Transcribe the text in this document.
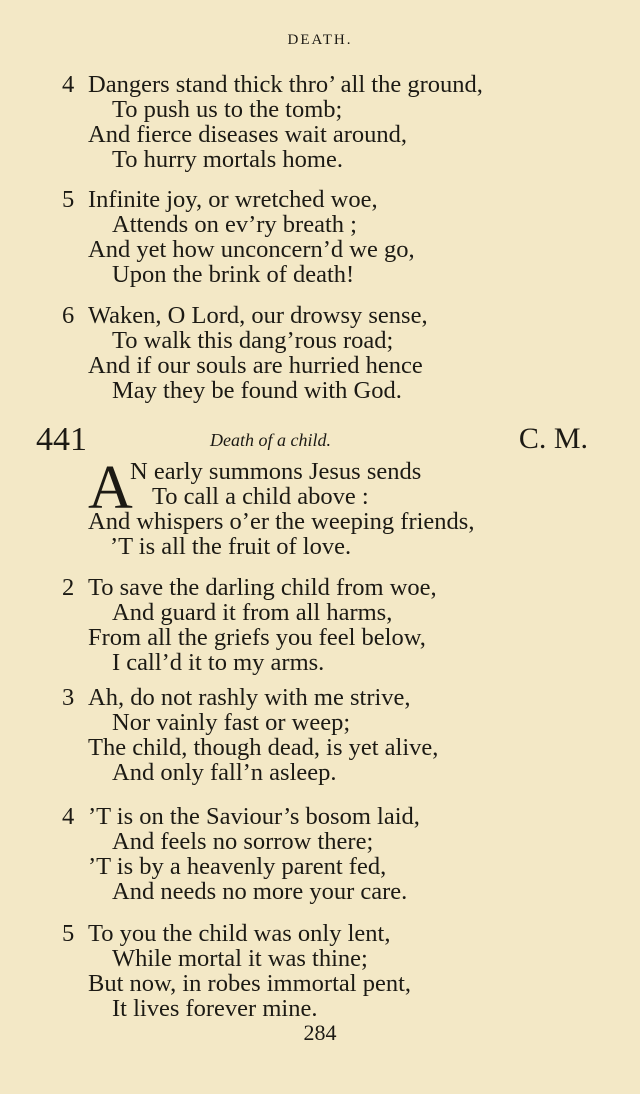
DEATH.
4 Dangers stand thick thro’ all the ground,
To push us to the tomb;
And fierce diseases wait around,
To hurry mortals home.
5 Infinite joy, or wretched woe,
Attends on ev’ry breath ;
And yet how unconcern’d we go,
Upon the brink of death!
6 Waken, O Lord, our drowsy sense,
To walk this dang’rous road;
And if our souls are hurried hence
May they be found with God.
441	Death of a child.	C. M.
A
N early summons Jesus sends
To call a child above :
And whispers o’er the weeping friends,
’T is all the fruit of love.
2 To save the darling child from woe,
And guard it from all harms,
From all the griefs you feel below,
I call’d it to my arms.
3 Ah, do not rashly with me strive,
Nor vainly fast or weep;
The child, though dead, is yet alive,
And only fall’n asleep.
4 ’T is on the Saviour’s bosom laid,
And feels no sorrow there;
’T is by a heavenly parent fed,
And needs no more your care.
5 To you the child was only lent,
While mortal it was thine;
But now, in robes immortal pent,
It lives forever mine.
284
